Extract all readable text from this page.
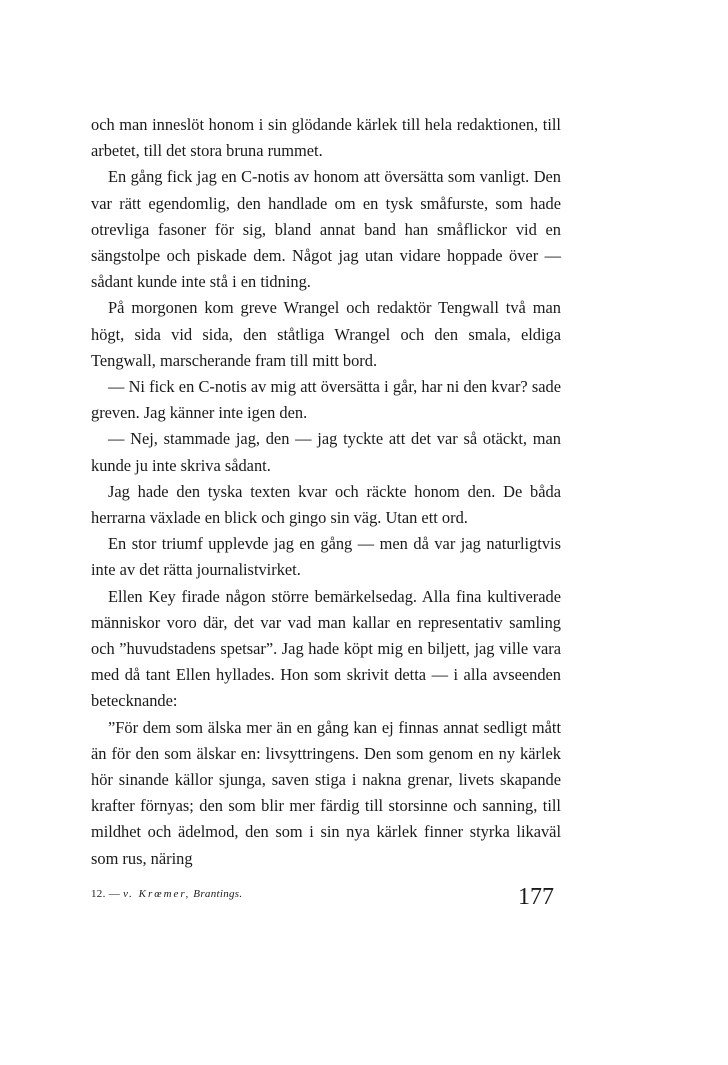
och man inneslöt honom i sin glödande kärlek till hela redaktionen, till arbetet, till det stora bruna rummet.

En gång fick jag en C-notis av honom att översätta som vanligt. Den var rätt egendomlig, den handlade om en tysk småfurste, som hade otrevliga fasoner för sig, bland annat band han småflickor vid en sängstolpe och piskade dem. Något jag utan vidare hoppade över — sådant kunde inte stå i en tidning.

På morgonen kom greve Wrangel och redaktör Tengwall två man högt, sida vid sida, den ståtliga Wrangel och den smala, eldiga Tengwall, marscherande fram till mitt bord.

— Ni fick en C-notis av mig att översätta i går, har ni den kvar? sade greven. Jag känner inte igen den.

— Nej, stammade jag, den — jag tyckte att det var så otäckt, man kunde ju inte skriva sådant.

Jag hade den tyska texten kvar och räckte honom den. De båda herrarna växlade en blick och gingo sin väg. Utan ett ord.

En stor triumf upplevde jag en gång — men då var jag naturligtvis inte av det rätta journalistvirket.

Ellen Key firade någon större bemärkelsedag. Alla fina kultiverade människor voro där, det var vad man kallar en representativ samling och ”huvudstadens spetsar”. Jag hade köpt mig en biljett, jag ville vara med då tant Ellen hyllades. Hon som skrivit detta — i alla avseenden betecknande:

”För dem som älska mer än en gång kan ej finnas annat sedligt mått än för den som älskar en: livsyttringens. Den som genom en ny kärlek hör sinande källor sjunga, saven stiga i nakna grenar, livets skapande krafter förnyas; den som blir mer färdig till storsinne och sanning, till mildhet och ädelmod, den som i sin nya kärlek finner styrka likaväl som rus, näring

12. — v. Krœmer, Brantings.	177
